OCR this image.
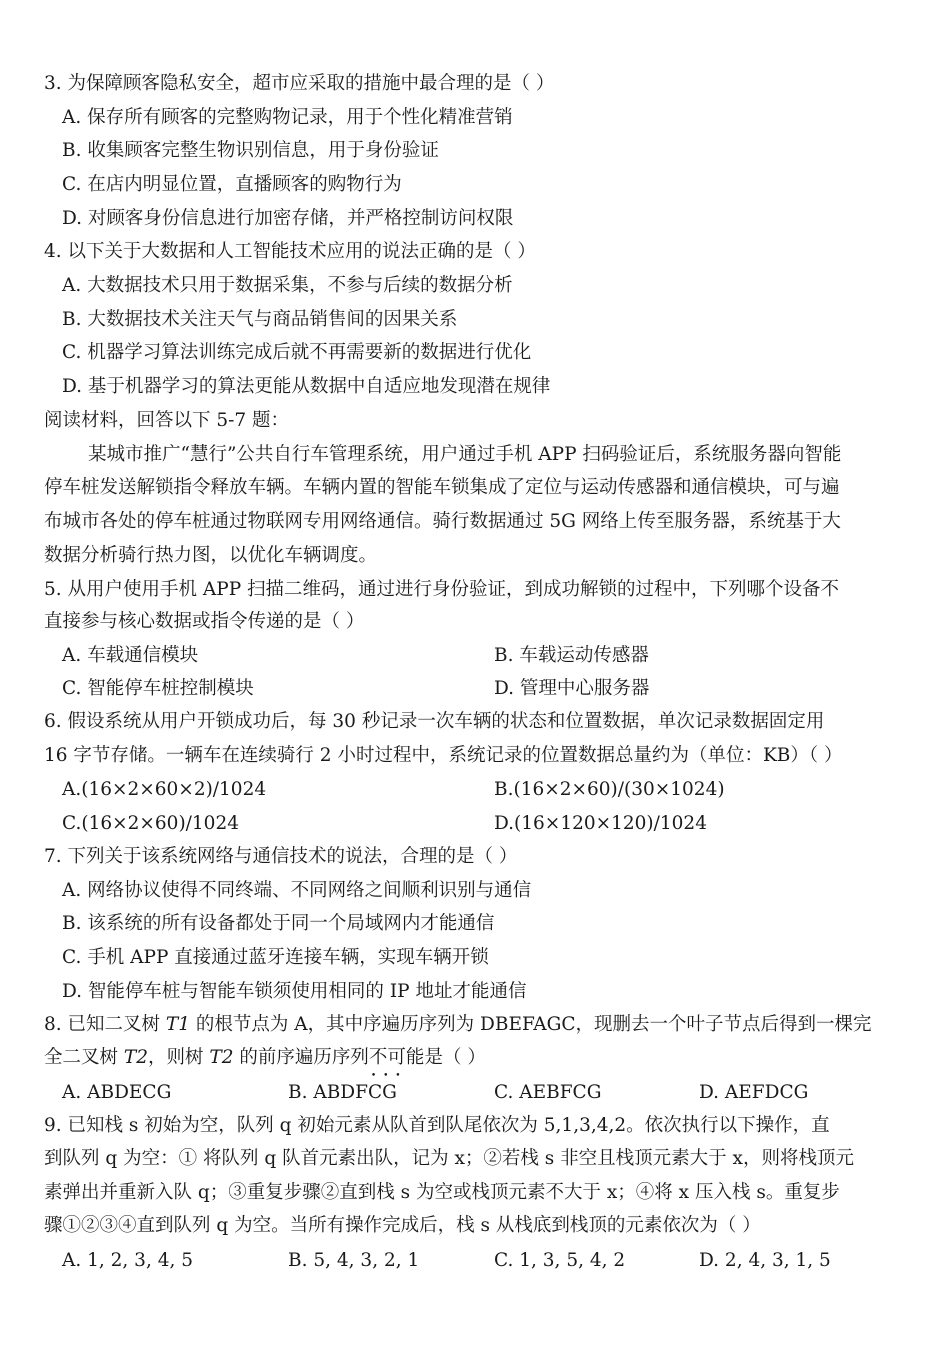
3. 为保障顾客隐私安全，超市应采取的措施中最合理的是（ ）
A. 保存所有顾客的完整购物记录，用于个性化精准营销
B. 收集顾客完整生物识别信息，用于身份验证
C. 在店内明显位置，直播顾客的购物行为
D. 对顾客身份信息进行加密存储，并严格控制访问权限
4. 以下关于大数据和人工智能技术应用的说法正确的是（ ）
A. 大数据技术只用于数据采集，不参与后续的数据分析
B. 大数据技术关注天气与商品销售间的因果关系
C. 机器学习算法训练完成后就不再需要新的数据进行优化
D. 基于机器学习的算法更能从数据中自适应地发现潜在规律
阅读材料，回答以下 5-7 题：
某城市推广“慧行”公共自行车管理系统，用户通过手机 APP 扫码验证后，系统服务器向智能
停车桩发送解锁指令释放车辆。车辆内置的智能车锁集成了定位与运动传感器和通信模块，可与遍
布城市各处的停车桩通过物联网专用网络通信。骑行数据通过 5G 网络上传至服务器，系统基于大
数据分析骑行热力图，以优化车辆调度。
5. 从用户使用手机 APP 扫描二维码，通过进行身份验证，到成功解锁的过程中，下列哪个设备不
直接参与核心数据或指令传递的是（ ）
A. 车载通信模块	B. 车载运动传感器
C. 智能停车桩控制模块	D. 管理中心服务器
6. 假设系统从用户开锁成功后，每 30 秒记录一次车辆的状态和位置数据，单次记录数据固定用
16 字节存储。一辆车在连续骑行 2 小时过程中，系统记录的位置数据总量约为（单位：KB）（ ）
A.(16×2×60×2)/1024	B.(16×2×60)/(30×1024)
C.(16×2×60)/1024	D.(16×120×120)/1024
7. 下列关于该系统网络与通信技术的说法，合理的是（ ）
A. 网络协议使得不同终端、不同网络之间顺利识别与通信
B. 该系统的所有设备都处于同一个局域网内才能通信
C. 手机 APP 直接通过蓝牙连接车辆，实现车辆开锁
D. 智能停车桩与智能车锁须使用相同的 IP 地址才能通信
8. 已知二叉树 T1 的根节点为 A，其中序遍历序列为 DBEFAGC，现删去一个叶子节点后得到一棵完
全二叉树 T2，则树 T2 的前序遍历序列不可能 • • •是（ ）
A. ABDECG	B. ABDFCG	C. AEBFCG	D. AEFDCG
9. 已知栈 s 初始为空，队列 q 初始元素从队首到队尾依次为 5,1,3,4,2。依次执行以下操作，直
到队列 q 为空：① 将队列 q 队首元素出队，记为 x；②若栈 s 非空且栈顶元素大于 x，则将栈顶元
素弹出并重新入队 q；③重复步骤②直到栈 s 为空或栈顶元素不大于 x；④将 x 压入栈 s。重复步
骤①②③④直到队列 q 为空。当所有操作完成后，栈 s 从栈底到栈顶的元素依次为（ ）
A. 1, 2, 3, 4, 5	B. 5, 4, 3, 2, 1	C. 1, 3, 5, 4, 2	D. 2, 4, 3, 1, 5
